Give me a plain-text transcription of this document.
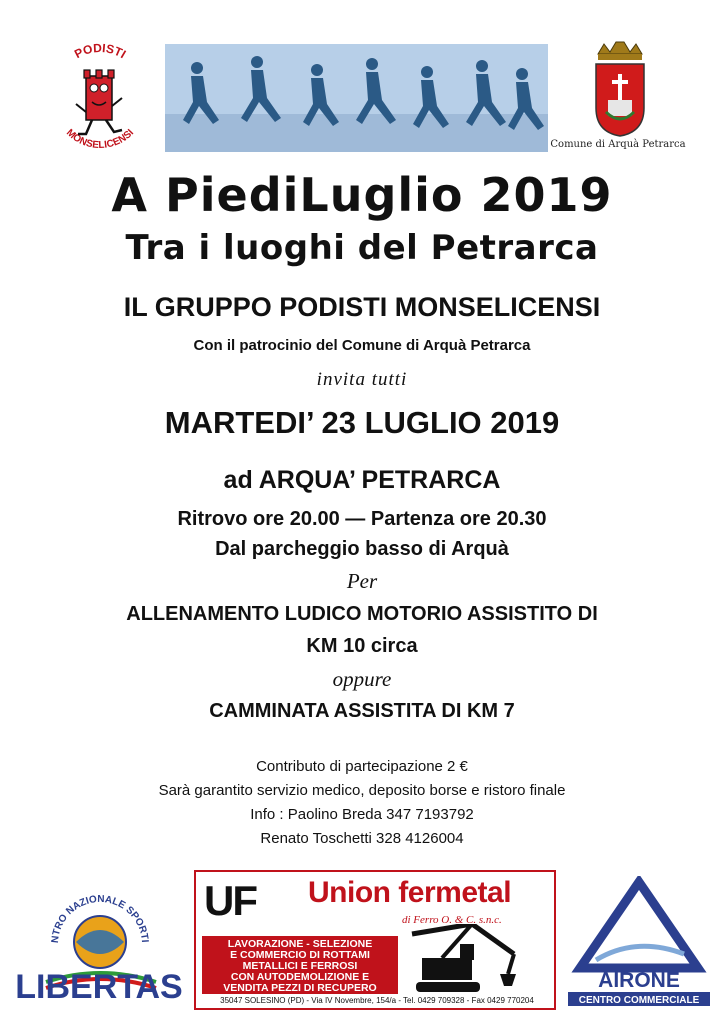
PODISTI
MONSELICENSI
Comune di Arquà Petrarca
A PiediLuglio 2019
Tra i luoghi del Petrarca
IL GRUPPO PODISTI MONSELICENSI
Con il patrocinio del Comune di Arquà Petrarca
invita tutti
MARTEDI’ 23 LUGLIO 2019
ad ARQUA’ PETRARCA
Ritrovo ore 20.00 — Partenza ore 20.30
Dal parcheggio basso di Arquà
Per
ALLENAMENTO LUDICO MOTORIO ASSISTITO DI
KM 10 circa
oppure
CAMMINATA ASSISTITA DI KM 7
Contributo di partecipazione 2 €
Sarà garantito servizio medico, deposito borse e ristoro finale
Info : Paolino Breda 347 7193792
Renato Toschetti 328 4126004
NTRO NAZIONALE SPORTI
LIBERTAS
UF	Union fermetal
di Ferro O. & C. s.n.c.
LAVORAZIONE - SELEZIONE
E COMMERCIO DI ROTTAMI
METALLICI E FERROSI
CON AUTODEMOLIZIONE E
VENDITA PEZZI DI RECUPERO
35047 SOLESINO (PD) - Via IV Novembre, 154/a - Tel. 0429 709328 - Fax 0429 770204
AIRONE
CENTRO COMMERCIALE
